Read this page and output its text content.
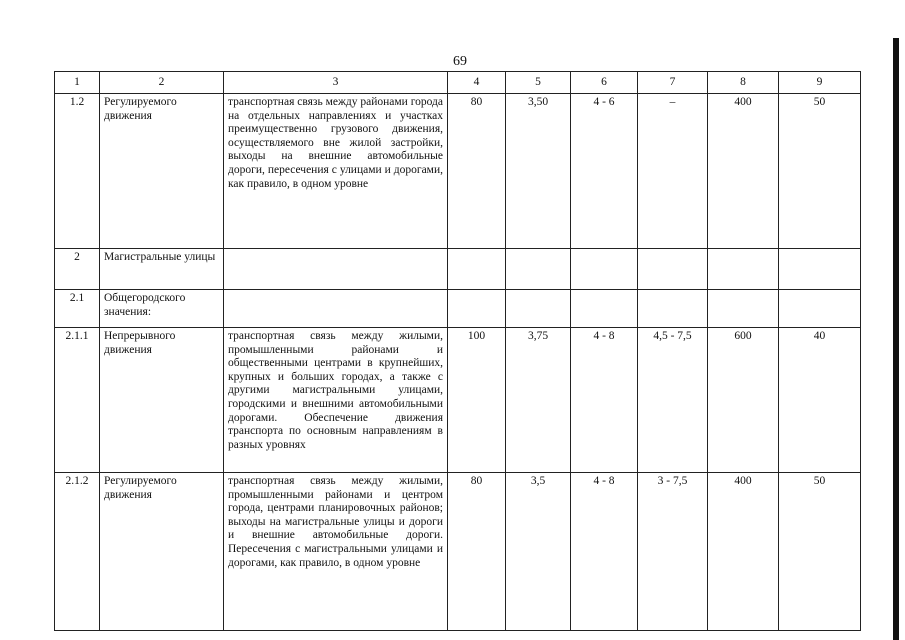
69
1	2	3	4	5	6	7	8	9
1.2	Регулируемого движения	транспортная связь между районами города на отдельных направлениях и участках преимущественно грузового движения, осуществляемого вне жилой застройки, выходы на внешние автомобильные дороги, пересечения с улицами и дорогами, как правило, в одном уровне	80	3,50	4 - 6	–	400	50
2	Магистральные улицы							
2.1	Общегородского значения:							
2.1.1	Непрерывного движения	транспортная связь между жилыми, промышленными районами и общественными центрами в крупнейших, крупных и больших городах, а также с другими магистральными улицами, городскими и внешними автомобильными дорогами. Обеспечение движения транспорта по основным направлениям в разных уровнях	100	3,75	4 - 8	4,5 - 7,5	600	40
2.1.2	Регулируемого движения	транспортная связь между жилыми, промышленными районами и центром города, центрами планировочных районов; выходы на магистральные улицы и дороги и внешние автомобильные дороги. Пересечения с магистральными улицами и дорогами, как правило, в одном уровне	80	3,5	4 - 8	3 - 7,5	400	50
